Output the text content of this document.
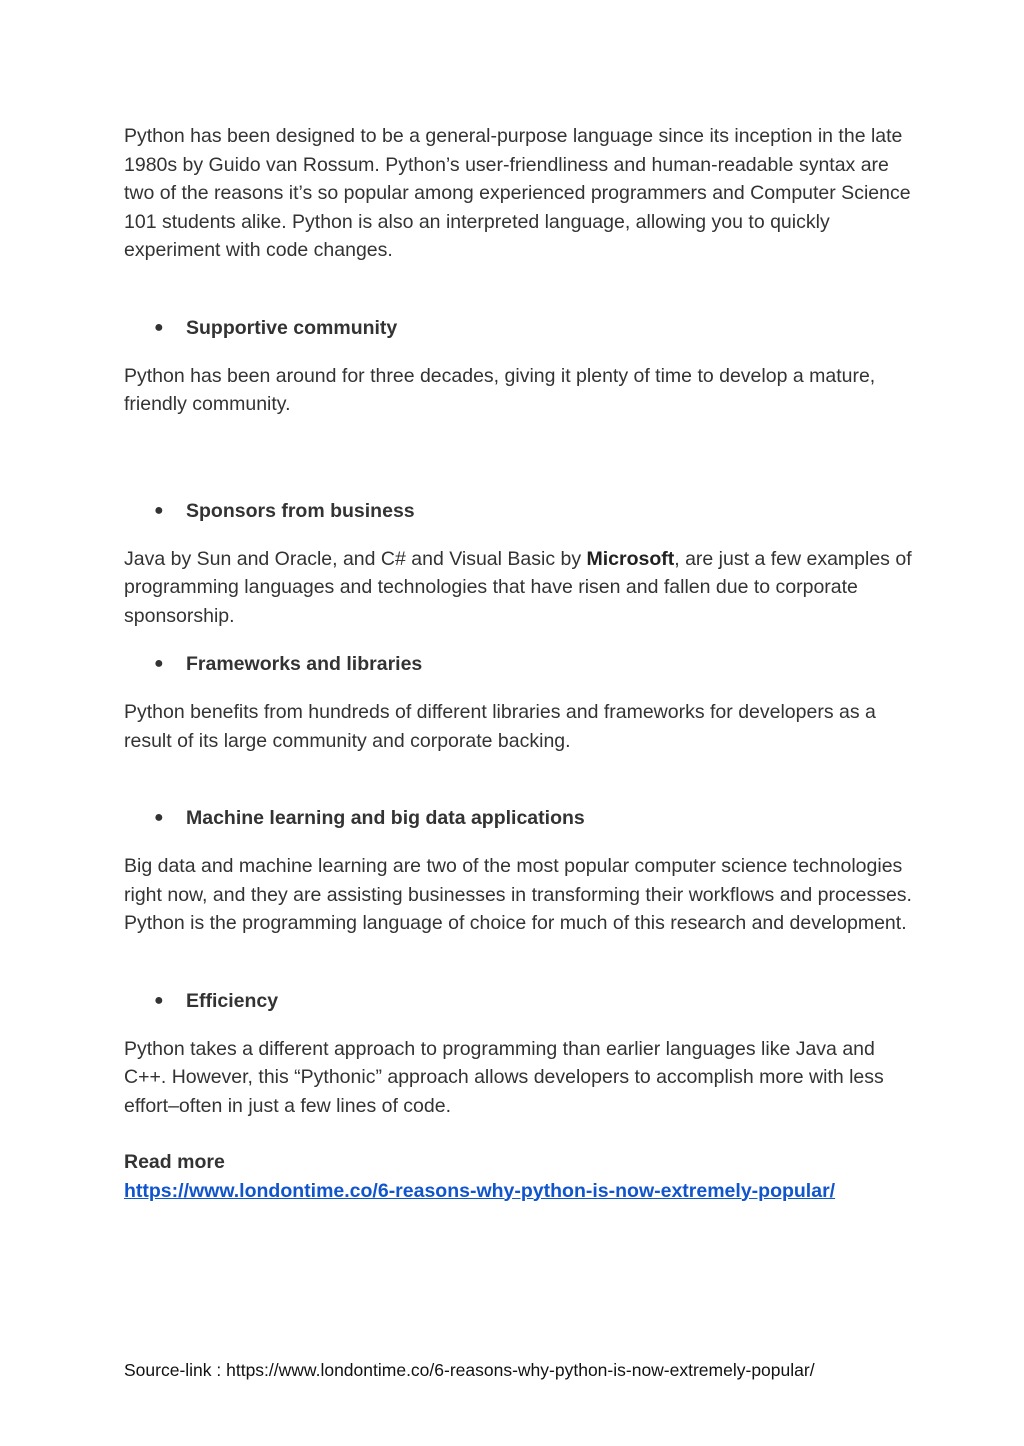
Python has been designed to be a general-purpose language since its inception in the late 1980s by Guido van Rossum. Python’s user-friendliness and human-readable syntax are two of the reasons it’s so popular among experienced programmers and Computer Science 101 students alike. Python is also an interpreted language, allowing you to quickly experiment with code changes.

● Supportive community

Python has been around for three decades, giving it plenty of time to develop a mature, friendly community.

● Sponsors from business

Java by Sun and Oracle, and C# and Visual Basic by Microsoft, are just a few examples of programming languages and technologies that have risen and fallen due to corporate sponsorship.

● Frameworks and libraries

Python benefits from hundreds of different libraries and frameworks for developers as a result of its large community and corporate backing.

● Machine learning and big data applications

Big data and machine learning are two of the most popular computer science technologies right now, and they are assisting businesses in transforming their workflows and processes. Python is the programming language of choice for much of this research and development.

● Efficiency

Python takes a different approach to programming than earlier languages like Java and C++. However, this “Pythonic” approach allows developers to accomplish more with less effort–often in just a few lines of code.

Read more
https://www.londontime.co/6-reasons-why-python-is-now-extremely-popular/
Source-link : https://www.londontime.co/6-reasons-why-python-is-now-extremely-popular/
